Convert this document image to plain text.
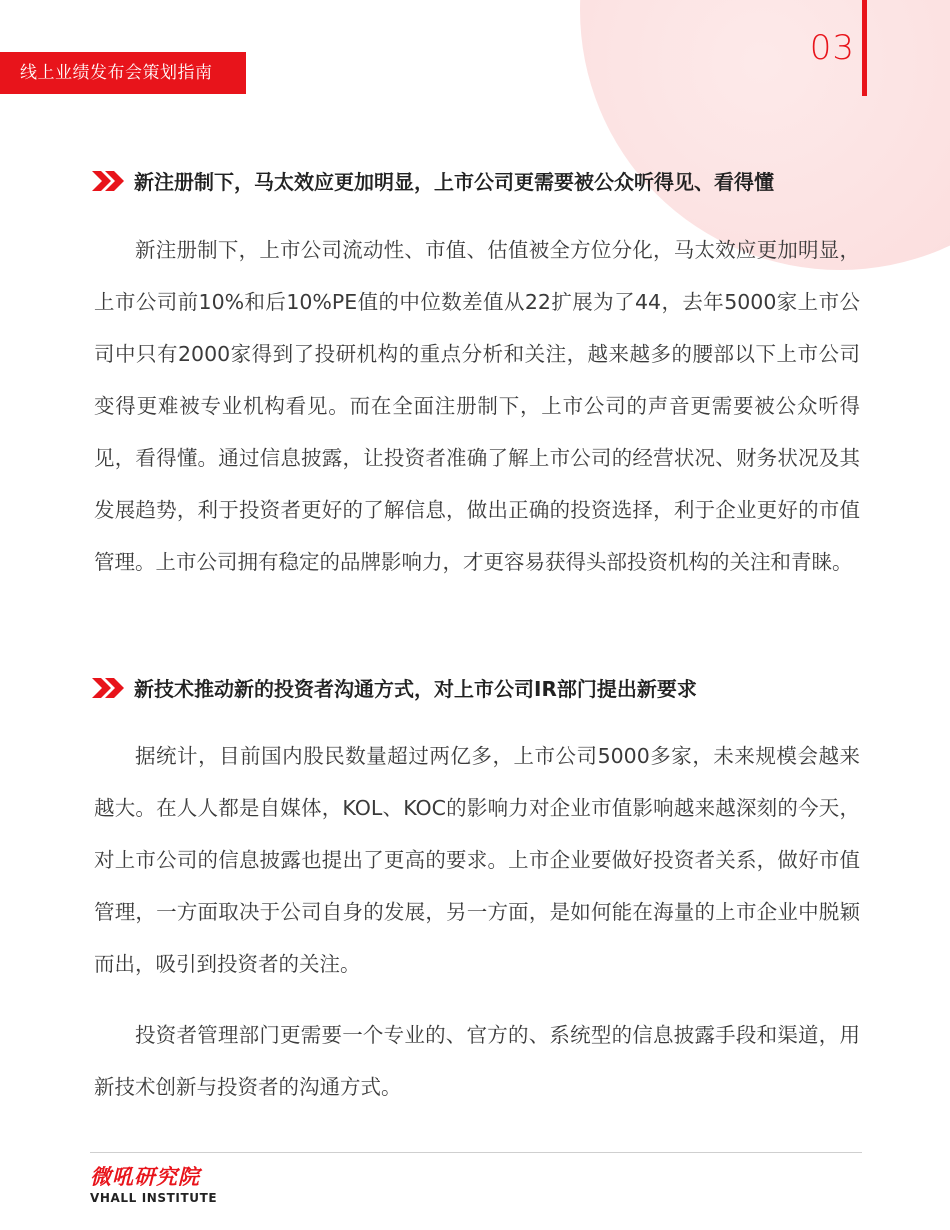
线上业绩发布会策划指南
03
新注册制下，马太效应更加明显，上市公司更需要被公众听得见、看得懂

新注册制下，上市公司流动性、市值、估值被全方位分化，马太效应更加明显，上市公司前10%和后10%PE值的中位数差值从22扩展为了44，去年5000家上市公司中只有2000家得到了投研机构的重点分析和关注，越来越多的腰部以下上市公司变得更难被专业机构看见。而在全面注册制下，上市公司的声音更需要被公众听得见，看得懂。通过信息披露，让投资者准确了解上市公司的经营状况、财务状况及其发展趋势，利于投资者更好的了解信息，做出正确的投资选择，利于企业更好的市值管理。上市公司拥有稳定的品牌影响力，才更容易获得头部投资机构的关注和青睐。

新技术推动新的投资者沟通方式，对上市公司IR部门提出新要求

据统计，目前国内股民数量超过两亿多，上市公司5000多家，未来规模会越来越大。在人人都是自媒体，KOL、KOC的影响力对企业市值影响越来越深刻的今天，对上市公司的信息披露也提出了更高的要求。上市企业要做好投资者关系，做好市值管理，一方面取决于公司自身的发展，另一方面，是如何能在海量的上市企业中脱颖而出，吸引到投资者的关注。

投资者管理部门更需要一个专业的、官方的、系统型的信息披露手段和渠道，用新技术创新与投资者的沟通方式。

微吼研究院
VHALL INSTITUTE
